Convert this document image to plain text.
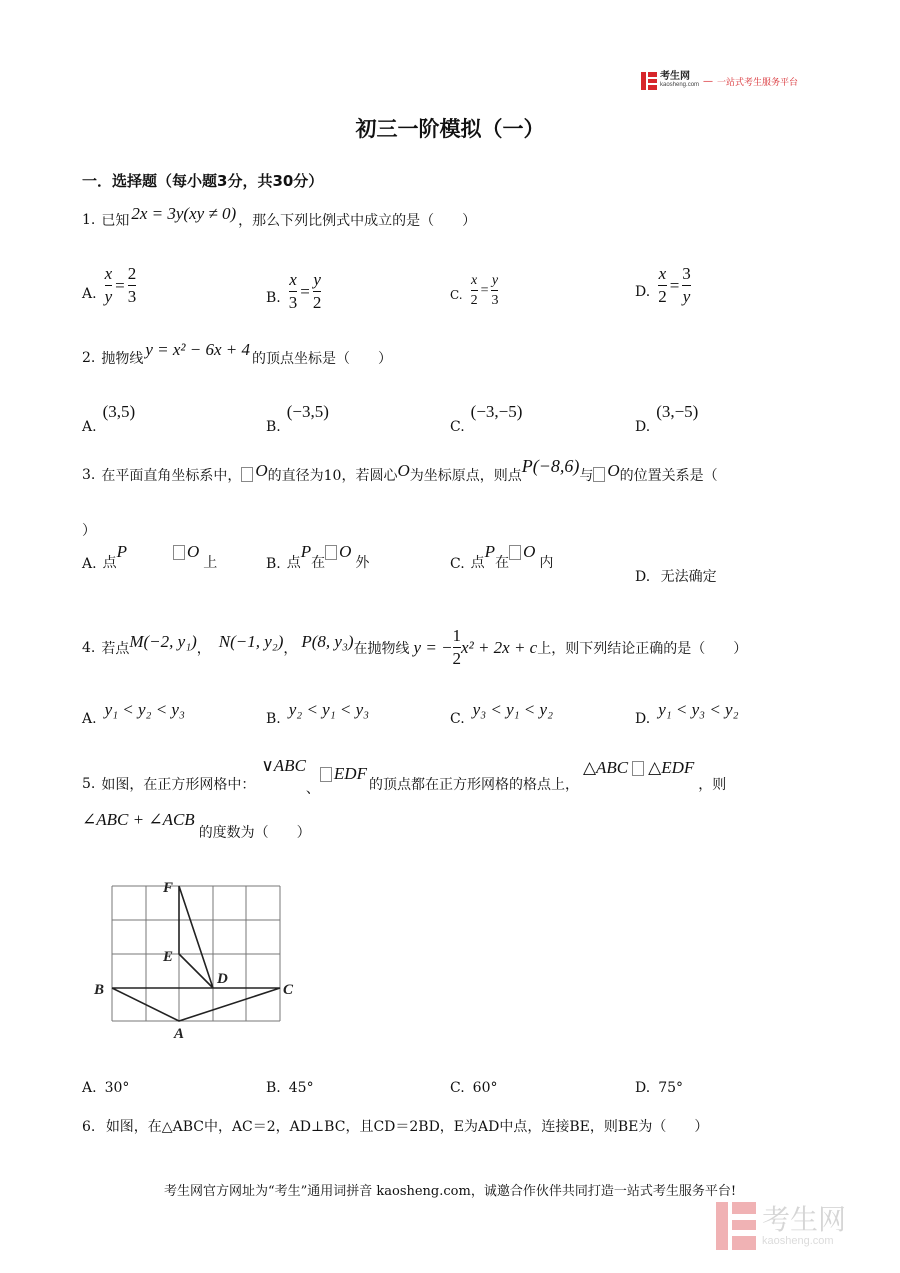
考生网
kaosheng.com — 一站式考生服务平台
初三一阶模拟（一）
一．选择题（每小题3分，共30分）
1. 已知 2x = 3y(xy ≠ 0) ，那么下列比例式中成立的是（　　）
A. $\frac{x}{y} = \frac{2}{3}$	B. $\frac{x}{3} = \frac{y}{2}$	C. $\frac{x}{2} = \frac{y}{3}$	D. $\frac{x}{2} = \frac{3}{y}$
2. 抛物线 y = x² − 6x + 4 的顶点坐标是（　　）
A.(3,5)
B.(−3,5)
C.(−3,−5)
D.(3,−5)
3. 在平面直角坐标系中， O 的直径为10，若圆心 O 为坐标原点，则点 P(−8,6) 与 O 的位置关系是（
）
A. 点
P	O
上	B. 点
P
在
O
外	C. 点
P
在
O
内
D. 无法确定
4. 若点 M(−2, y₁) ， N(−1, y₂) ， P(8, y₃) 在抛物线 y = − $\frac{1}{2} x^2 + 2x + c$ 上，则下列结论正确的是（　　）
A. y₁ < y₂ < y₃	B. y₂ < y₁ < y₃	C. y₃ < y₁ < y₂	D. y₁ < y₃ < y₂
5. 如图，在正方形网格中：
∨ABC
、
EDF
的顶点都在正方形网格的格点上，
△ABC △EDF
，则
∠ABC + ∠ACB
的度数为（　　）
F
E
D
B	C
A
A. 30°	B. 45°	C. 60°	D. 75°
6. 如图，在△ABC中，AC＝2，AD⊥BC，且CD＝2BD，E为AD中点，连接BE，则BE为（　　）
考生网官方网址为“考生”通用词拼音 kaosheng.com，诚邀合作伙伴共同打造一站式考生服务平台!
考生网
kaosheng.com
